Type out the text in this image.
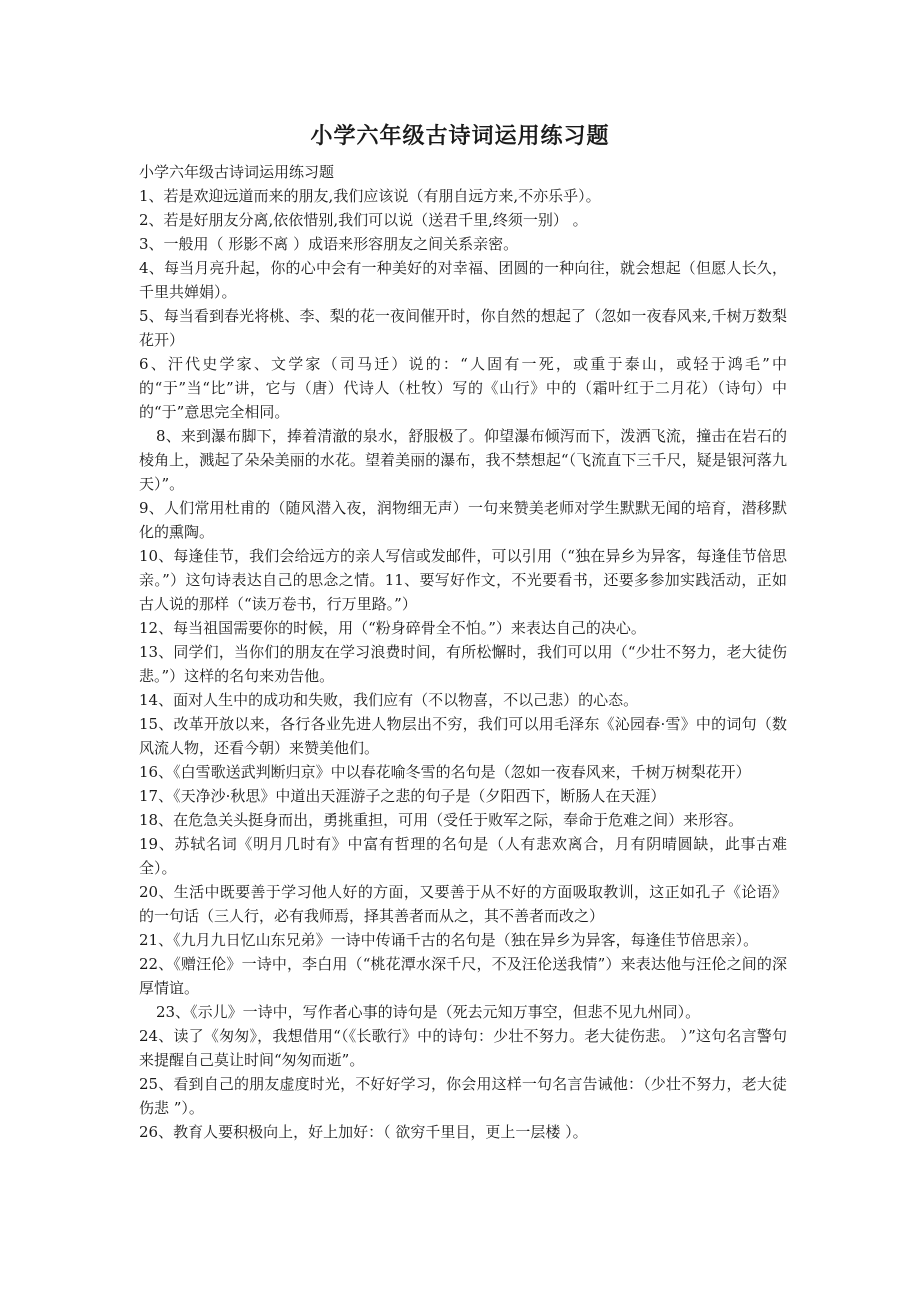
小学六年级古诗词运用练习题

小学六年级古诗词运用练习题

1、若是欢迎远道而来的朋友,我们应该说（有朋自远方来,不亦乐乎）。

2、若是好朋友分离,依依惜别,我们可以说（送君千里,终须一别） 。

3、一般用（ 形影不离 ）成语来形容朋友之间关系亲密。

4、每当月亮升起，你的心中会有一种美好的对幸福、团圆的一种向往，就会想起（但愿人长久，千里共婵娟）。

5、每当看到春光将桃、李、梨的花一夜间催开时，你自然的想起了（忽如一夜春风来,千树万数梨花开）

6、汗代史学家、文学家（司马迁）说的：“人固有一死，或重于泰山，或轻于鸿毛”中的“于”当“比”讲，它与（唐）代诗人（杜牧）写的《山行》中的（霜叶红于二月花）（诗句）中的“于”意思完全相同。

8、来到瀑布脚下，捧着清澈的泉水，舒服极了。仰望瀑布倾泻而下，泼洒飞流，撞击在岩石的棱角上，溅起了朵朵美丽的水花。望着美丽的瀑布，我不禁想起“（飞流直下三千尺，疑是银河落九天）”。

9、人们常用杜甫的（随风潜入夜，润物细无声）一句来赞美老师对学生默默无闻的培育，潜移默化的熏陶。

10、每逢佳节，我们会给远方的亲人写信或发邮件，可以引用（“独在异乡为异客，每逢佳节倍思亲。”）这句诗表达自己的思念之情。11、要写好作文，不光要看书，还要多参加实践活动，正如古人说的那样（“读万卷书，行万里路。”）

12、每当祖国需要你的时候，用（“粉身碎骨全不怕。”）来表达自己的决心。

13、同学们，当你们的朋友在学习浪费时间，有所松懈时，我们可以用（“少壮不努力，老大徒伤悲。”）这样的名句来劝告他。

14、面对人生中的成功和失败，我们应有（不以物喜，不以己悲）的心态。

15、改革开放以来，各行各业先进人物层出不穷，我们可以用毛泽东《沁园春·雪》中的词句（数风流人物，还看今朝）来赞美他们。

16、《白雪歌送武判断归京》中以春花喻冬雪的名句是（忽如一夜春风来，千树万树梨花开）

17、《天净沙·秋思》中道出天涯游子之悲的句子是（夕阳西下，断肠人在天涯）

18、在危急关头挺身而出，勇挑重担，可用（受任于败军之际，奉命于危难之间）来形容。

19、苏轼名词《明月几时有》中富有哲理的名句是（人有悲欢离合，月有阴晴圆缺，此事古难全）。

20、生活中既要善于学习他人好的方面，又要善于从不好的方面吸取教训，这正如孔子《论语》的一句话（三人行，必有我师焉，择其善者而从之，其不善者而改之）

21、《九月九日忆山东兄弟》一诗中传诵千古的名句是（独在异乡为异客，每逢佳节倍思亲）。

22、《赠汪伦》一诗中，李白用（“桃花潭水深千尺，不及汪伦送我情”）来表达他与汪伦之间的深厚情谊。

23、《示儿》一诗中，写作者心事的诗句是（死去元知万事空，但悲不见九州同）。

24、读了《匆匆》，我想借用“（《长歌行》中的诗句：少壮不努力。老大徒伤悲。 ）”这句名言警句来提醒自己莫让时间“匆匆而逝”。

25、看到自己的朋友虚度时光，不好好学习，你会用这样一句名言告诫他：（少壮不努力，老大徒伤悲 ”）。

26、教育人要积极向上，好上加好：（ 欲穷千里目，更上一层楼 ）。
